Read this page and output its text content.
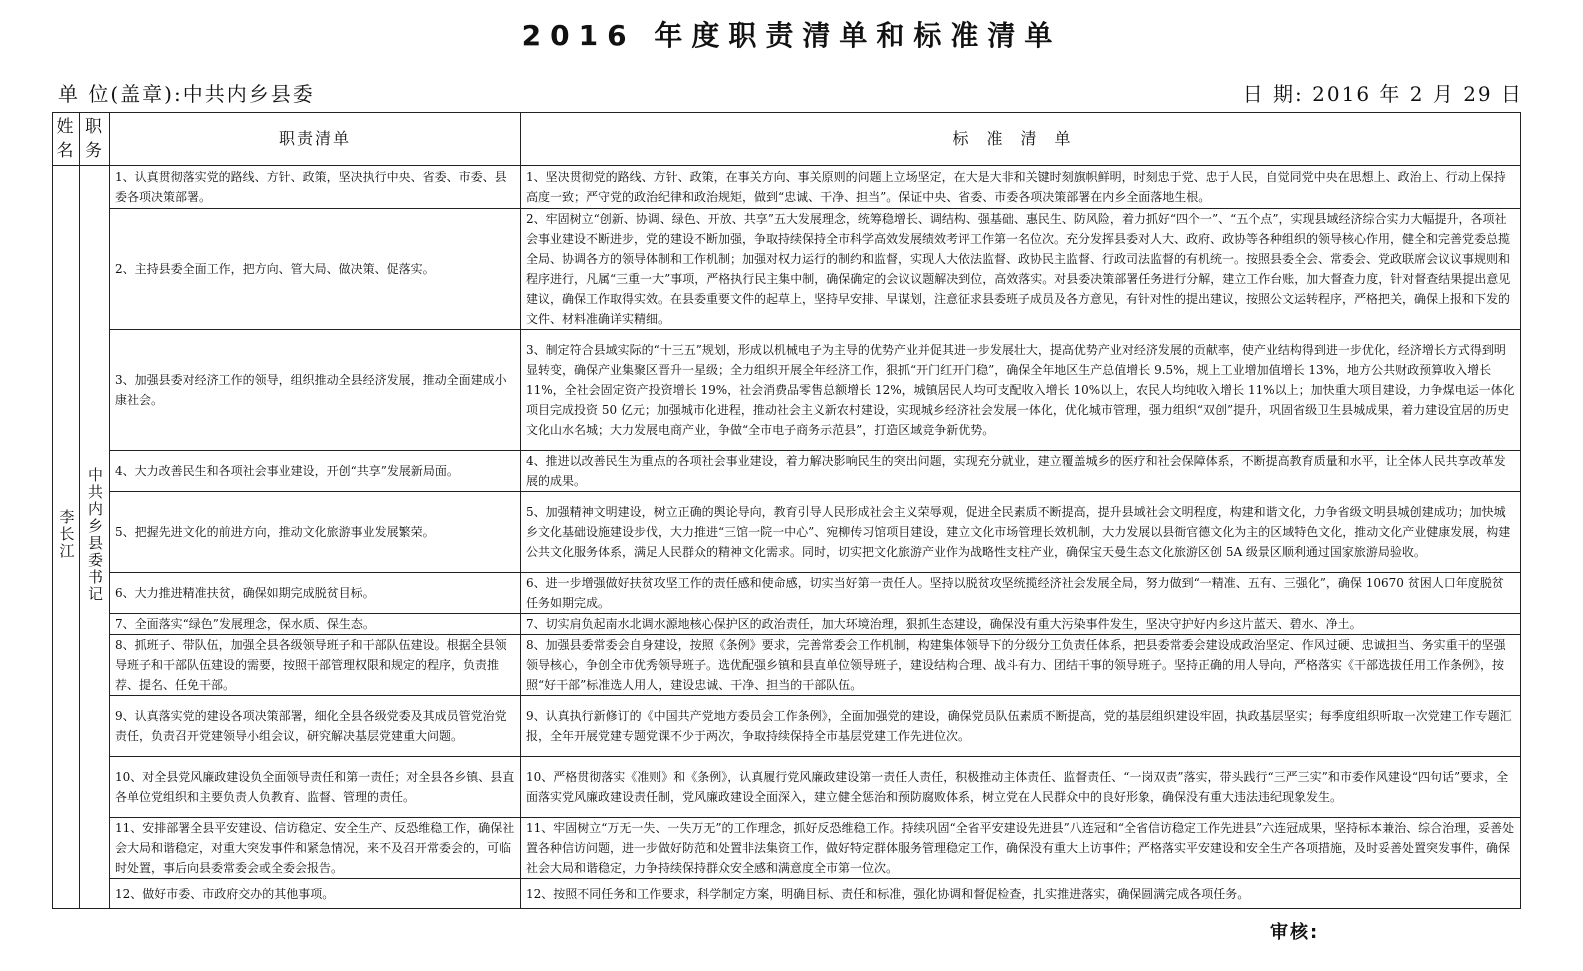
2016 年度职责清单和标准清单
单 位(盖章):中共内乡县委	日 期: 2016 年 2 月 29 日
姓名	职务	职责清单	标准清单
李长江	中共内乡县委书记	1、认真贯彻落实党的路线、方针、政策，坚决执行中央、省委、市委、县委各项决策部署。	1、坚决贯彻党的路线、方针、政策，在事关方向、事关原则的问题上立场坚定，在大是大非和关键时刻旗帜鲜明，时刻忠于党、忠于人民，自觉同党中央在思想上、政治上、行动上保持高度一致；严守党的政治纪律和政治规矩，做到“忠诚、干净、担当”。保证中央、省委、市委各项决策部署在内乡全面落地生根。
		2、主持县委全面工作，把方向、管大局、做决策、促落实。	2、牢固树立“创新、协调、绿色、开放、共享”五大发展理念，统筹稳增长、调结构、强基础、惠民生、防风险，着力抓好“四个一”、“五个点”，实现县域经济综合实力大幅提升，各项社会事业建设不断进步，党的建设不断加强，争取持续保持全市科学高效发展绩效考评工作第一名位次。充分发挥县委对人大、政府、政协等各种组织的领导核心作用，健全和完善党委总揽全局、协调各方的领导体制和工作机制；加强对权力运行的制约和监督，实现人大依法监督、政协民主监督、行政司法监督的有机统一。按照县委全会、常委会、党政联席会议议事规则和程序进行，凡属“三重一大”事项，严格执行民主集中制，确保确定的会议议题解决到位，高效落实。对县委决策部署任务进行分解，建立工作台账，加大督查力度，针对督查结果提出意见建议，确保工作取得实效。在县委重要文件的起草上，坚持早安排、早谋划，注意征求县委班子成员及各方意见，有针对性的提出建议，按照公文运转程序，严格把关，确保上报和下发的文件、材料准确详实精细。
		3、加强县委对经济工作的领导，组织推动全县经济发展，推动全面建成小康社会。	3、制定符合县域实际的“十三五”规划，形成以机械电子为主导的优势产业并促其进一步发展壮大，提高优势产业对经济发展的贡献率，使产业结构得到进一步优化，经济增长方式得到明显转变，确保产业集聚区晋升一星级；全力组织开展全年经济工作，狠抓“开门红开门稳”，确保全年地区生产总值增长 9.5%，规上工业增加值增长 13%，地方公共财政预算收入增长 11%，全社会固定资产投资增长 19%，社会消费品零售总额增长 12%，城镇居民人均可支配收入增长 10%以上，农民人均纯收入增长 11%以上；加快重大项目建设，力争煤电运一体化项目完成投资 50 亿元；加强城市化进程，推动社会主义新农村建设，实现城乡经济社会发展一体化，优化城市管理，强力组织“双创”提升，巩固省级卫生县城成果，着力建设宜居的历史文化山水名城；大力发展电商产业，争做“全市电子商务示范县”，打造区域竞争新优势。
		4、大力改善民生和各项社会事业建设，开创“共享”发展新局面。	4、推进以改善民生为重点的各项社会事业建设，着力解决影响民生的突出问题，实现充分就业，建立覆盖城乡的医疗和社会保障体系，不断提高教育质量和水平，让全体人民共享改革发展的成果。
		5、把握先进文化的前进方向，推动文化旅游事业发展繁荣。	5、加强精神文明建设，树立正确的舆论导向，教育引导人民形成社会主义荣辱观，促进全民素质不断提高，提升县域社会文明程度，构建和谐文化，力争省级文明县城创建成功；加快城乡文化基础设施建设步伐，大力推进“三馆一院一中心”、宛柳传习馆项目建设，建立文化市场管理长效机制，大力发展以县衙官德文化为主的区域特色文化，推动文化产业健康发展，构建公共文化服务体系，满足人民群众的精神文化需求。同时，切实把文化旅游产业作为战略性支柱产业，确保宝天曼生态文化旅游区创 5A 级景区顺利通过国家旅游局验收。
		6、大力推进精准扶贫，确保如期完成脱贫目标。	6、进一步增强做好扶贫攻坚工作的责任感和使命感，切实当好第一责任人。坚持以脱贫攻坚统揽经济社会发展全局，努力做到“一精准、五有、三强化”，确保 10670 贫困人口年度脱贫任务如期完成。
		7、全面落实“绿色”发展理念，保水质、保生态。	7、切实肩负起南水北调水源地核心保护区的政治责任，加大环境治理，狠抓生态建设，确保没有重大污染事件发生，坚决守护好内乡这片蓝天、碧水、净土。
		8、抓班子、带队伍，加强全县各级领导班子和干部队伍建设。根据全县领导班子和干部队伍建设的需要，按照干部管理权限和规定的程序，负责推荐、提名、任免干部。	8、加强县委常委会自身建设，按照《条例》要求，完善常委会工作机制，构建集体领导下的分级分工负责任体系，把县委常委会建设成政治坚定、作风过硬、忠诚担当、务实重干的坚强领导核心，争创全市优秀领导班子。选优配强乡镇和县直单位领导班子，建设结构合理、战斗有力、团结干事的领导班子。坚持正确的用人导向，严格落实《干部选拔任用工作条例》，按照“好干部”标准选人用人，建设忠诚、干净、担当的干部队伍。
		9、认真落实党的建设各项决策部署，细化全县各级党委及其成员管党治党责任，负责召开党建领导小组会议，研究解决基层党建重大问题。	9、认真执行新修订的《中国共产党地方委员会工作条例》，全面加强党的建设，确保党员队伍素质不断提高，党的基层组织建设牢固，执政基层坚实；每季度组织听取一次党建工作专题汇报，全年开展党建专题党课不少于两次，争取持续保持全市基层党建工作先进位次。
		10、对全县党风廉政建设负全面领导责任和第一责任；对全县各乡镇、县直各单位党组织和主要负责人负教育、监督、管理的责任。	10、严格贯彻落实《准则》和《条例》，认真履行党风廉政建设第一责任人责任，积极推动主体责任、监督责任、“一岗双责”落实，带头践行“三严三实”和市委作风建设“四句话”要求，全面落实党风廉政建设责任制，党风廉政建设全面深入，建立健全惩治和预防腐败体系，树立党在人民群众中的良好形象，确保没有重大违法违纪现象发生。
		11、安排部署全县平安建设、信访稳定、安全生产、反恐维稳工作，确保社会大局和谐稳定，对重大突发事件和紧急情况，来不及召开常委会的，可临时处置，事后向县委常委会或全委会报告。	11、牢固树立“万无一失、一失万无”的工作理念，抓好反恐维稳工作。持续巩固“全省平安建设先进县”八连冠和“全省信访稳定工作先进县”六连冠成果，坚持标本兼治、综合治理，妥善处置各种信访问题，进一步做好防范和处置非法集资工作，做好特定群体服务管理稳定工作，确保没有重大上访事件；严格落实平安建设和安全生产各项措施，及时妥善处置突发事件，确保社会大局和谐稳定，力争持续保持群众安全感和满意度全市第一位次。
		12、做好市委、市政府交办的其他事项。	12、按照不同任务和工作要求，科学制定方案，明确目标、责任和标准，强化协调和督促检查，扎实推进落实，确保圆满完成各项任务。
审核:
